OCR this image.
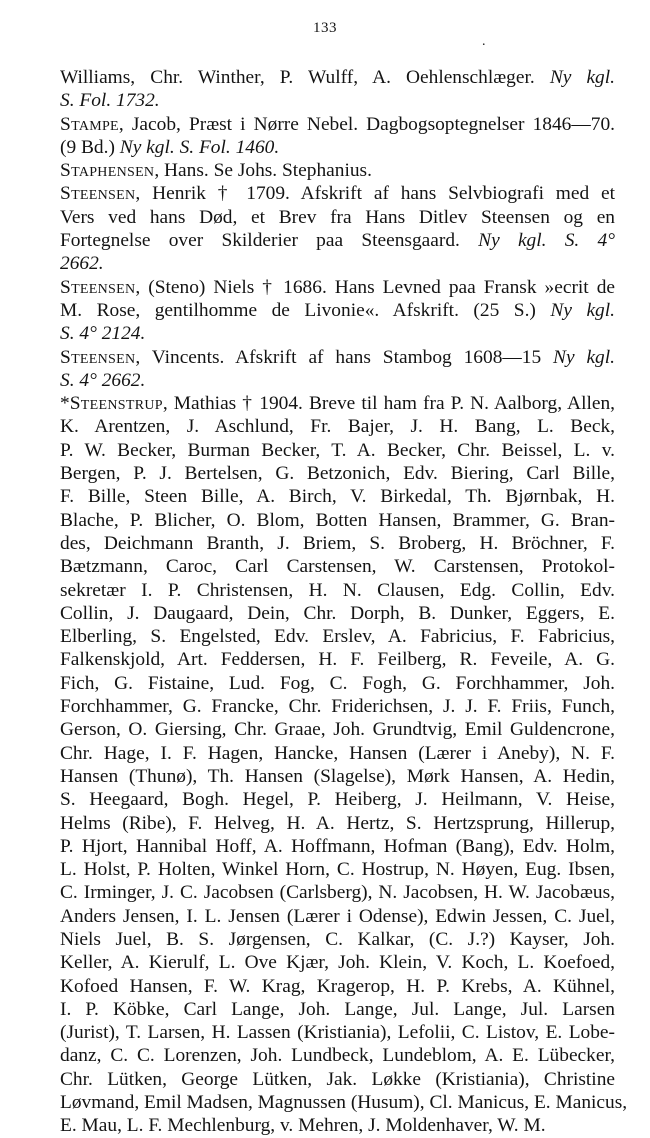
133
.
Williams, Chr. Winther, P. Wulff, A. Oehlenschlæger. Ny kgl.
S. Fol. 1732.
Stampe, Jacob, Præst i Nørre Nebel. Dagbogsoptegnelser 1846—70.
(9 Bd.) Ny kgl. S. Fol. 1460.
Staphensen, Hans. Se Johs. Stephanius.
Steensen, Henrik † 1709. Afskrift af hans Selvbiografi med et
Vers ved hans Død, et Brev fra Hans Ditlev Steensen og en
Fortegnelse over Skilderier paa Steensgaard. Ny kgl. S. 4°
2662.
Steensen, (Steno) Niels † 1686. Hans Levned paa Fransk »ecrit de
M. Rose, gentilhomme de Livonie«. Afskrift. (25 S.) Ny kgl.
S. 4° 2124.
Steensen, Vincents. Afskrift af hans Stambog 1608—15 Ny kgl.
S. 4° 2662.
*Steenstrup, Mathias † 1904. Breve til ham fra P. N. Aalborg, Allen,
K. Arentzen, J. Aschlund, Fr. Bajer, J. H. Bang, L. Beck,
P. W. Becker, Burman Becker, T. A. Becker, Chr. Beissel, L. v.
Bergen, P. J. Bertelsen, G. Betzonich, Edv. Biering, Carl Bille,
F. Bille, Steen Bille, A. Birch, V. Birkedal, Th. Bjørnbak, H.
Blache, P. Blicher, O. Blom, Botten Hansen, Brammer, G. Bran-
des, Deichmann Branth, J. Briem, S. Broberg, H. Bröchner, F.
Bætzmann, Caroc, Carl Carstensen, W. Carstensen, Protokol-
sekretær I. P. Christensen, H. N. Clausen, Edg. Collin, Edv.
Collin, J. Daugaard, Dein, Chr. Dorph, B. Dunker, Eggers, E.
Elberling, S. Engelsted, Edv. Erslev, A. Fabricius, F. Fabricius,
Falkenskjold, Art. Feddersen, H. F. Feilberg, R. Feveile, A. G.
Fich, G. Fistaine, Lud. Fog, C. Fogh, G. Forchhammer, Joh.
Forchhammer, G. Francke, Chr. Friderichsen, J. J. F. Friis, Funch,
Gerson, O. Giersing, Chr. Graae, Joh. Grundtvig, Emil Guldencrone,
Chr. Hage, I. F. Hagen, Hancke, Hansen (Lærer i Aneby), N. F.
Hansen (Thunø), Th. Hansen (Slagelse), Mørk Hansen, A. Hedin,
S. Heegaard, Bogh. Hegel, P. Heiberg, J. Heilmann, V. Heise,
Helms (Ribe), F. Helveg, H. A. Hertz, S. Hertzsprung, Hillerup,
P. Hjort, Hannibal Hoff, A. Hoffmann, Hofman (Bang), Edv. Holm,
L. Holst, P. Holten, Winkel Horn, C. Hostrup, N. Høyen, Eug. Ibsen,
C. Irminger, J. C. Jacobsen (Carlsberg), N. Jacobsen, H. W. Jacobæus,
Anders Jensen, I. L. Jensen (Lærer i Odense), Edwin Jessen, C. Juel,
Niels Juel, B. S. Jørgensen, C. Kalkar, (C. J.?) Kayser, Joh.
Keller, A. Kierulf, L. Ove Kjær, Joh. Klein, V. Koch, L. Koefoed,
Kofoed Hansen, F. W. Krag, Kragerop, H. P. Krebs, A. Kühnel,
I. P. Köbke, Carl Lange, Joh. Lange, Jul. Lange, Jul. Larsen
(Jurist), T. Larsen, H. Lassen (Kristiania), Lefolii, C. Listov, E. Lobe-
danz, C. C. Lorenzen, Joh. Lundbeck, Lundeblom, A. E. Lübecker,
Chr. Lütken, George Lütken, Jak. Løkke (Kristiania), Christine
Løvmand, Emil Madsen, Magnussen (Husum), Cl. Manicus, E. Manicus,
E. Mau, L. F. Mechlenburg, v. Mehren, J. Moldenhaver, W. M.
